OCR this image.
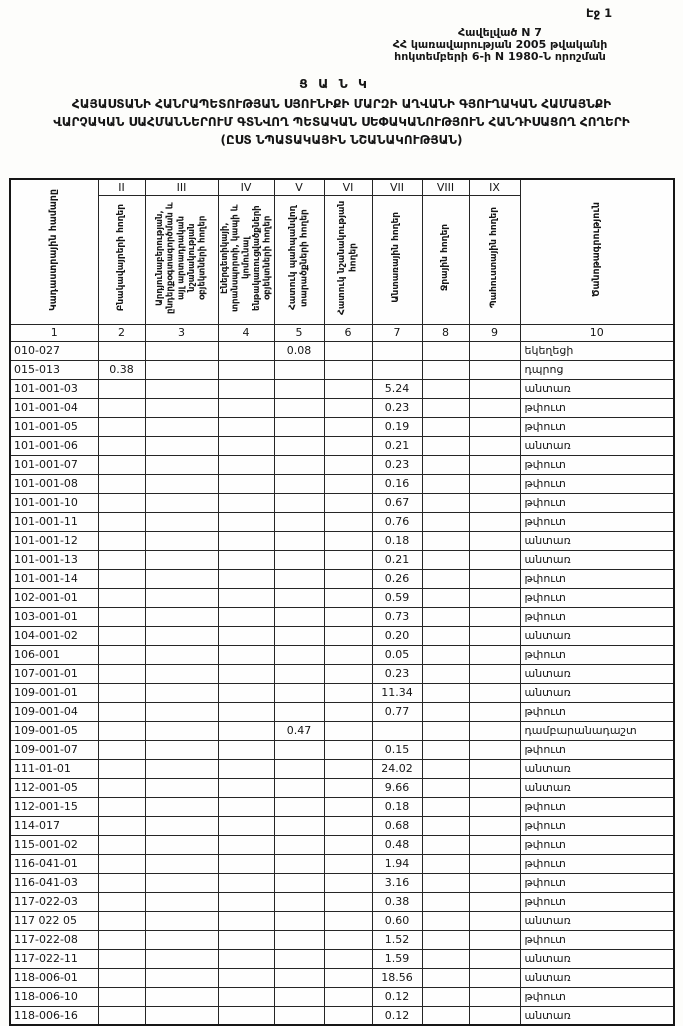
Էջ 1
Հավելված N 7
ՀՀ կառավարության 2005 թվականի
հոկտեմբերի 6-ի N 1980-Ն որոշման
Ց Ա Ն Կ
ՀԱՅԱՍՏԱՆԻ ՀԱՆՐԱՊԵՏՈՒԹՅԱՆ ՍՅՈՒՆԻՔԻ ՄԱՐԶԻ ԱՂՎԱՆԻ ԳՅՈՒՂԱԿԱՆ ՀԱՄԱՅՆՔԻ
ՎԱՐՉԱԿԱՆ ՍԱՀՄԱՆՆԵՐՈՒՄ ԳՏՆՎՈՂ ՊԵՏԱԿԱՆ ՍԵՓԱԿԱՆՈՒԹՅՈՒՆ ՀԱՆԴԻՍԱՑՈՂ ՀՈՂԵՐԻ
(ԸՍՏ ՆՊԱՏԱԿԱՅԻՆ ՆՇԱՆԱԿՈՒԹՅԱՆ)
Կադաստրային համարը	II	III	IV	V	VI	VII	VIII	IX	Ծանոթագրություն
	Բնակավայրերի հողեր	Արդյունաբերության, ընդերքօգտագործման և այլ արտադրական նշանակության օբյեկտների հողեր	Էներգետիկայի, տրանսպորտի, կապի և կոմունալ ենթակառուցվածքների օբյեկտների հողեր	Հատուկ պահպանվող տարածքների հողեր	Հատուկ նշանակության հողեր	Անտառային հողեր	Ջրային հողեր	Պահուստային հողեր	
1	2	3	4	5	6	7	8	9	10
010-027				0.08					եկեղեցի
015-013	0.38								դպրոց
101-001-03						5.24			անտառ
101-001-04						0.23			թփուտ
101-001-05						0.19			թփուտ
101-001-06						0.21			անտառ
101-001-07						0.23			թփուտ
101-001-08						0.16			թփուտ
101-001-10						0.67			թփուտ
101-001-11						0.76			թփուտ
101-001-12						0.18			անտառ
101-001-13						0.21			անտառ
101-001-14						0.26			թփուտ
102-001-01						0.59			թփուտ
103-001-01						0.73			թփուտ
104-001-02						0.20			անտառ
106-001						0.05			թփուտ
107-001-01						0.23			անտառ
109-001-01						11.34			անտառ
109-001-04						0.77			թփուտ
109-001-05				0.47					դամբարանադաշտ
109-001-07						0.15			թփուտ
111-01-01						24.02			անտառ
112-001-05						9.66			անտառ
112-001-15						0.18			թփուտ
114-017						0.68			թփուտ
115-001-02						0.48			թփուտ
116-041-01						1.94			թփուտ
116-041-03						3.16			թփուտ
117-022-03						0.38			թփուտ
117 022 05						0.60			անտառ
117-022-08						1.52			թփուտ
117-022-11						1.59			անտառ
118-006-01						18.56			անտառ
118-006-10						0.12			թփուտ
118-006-16						0.12			անտառ
